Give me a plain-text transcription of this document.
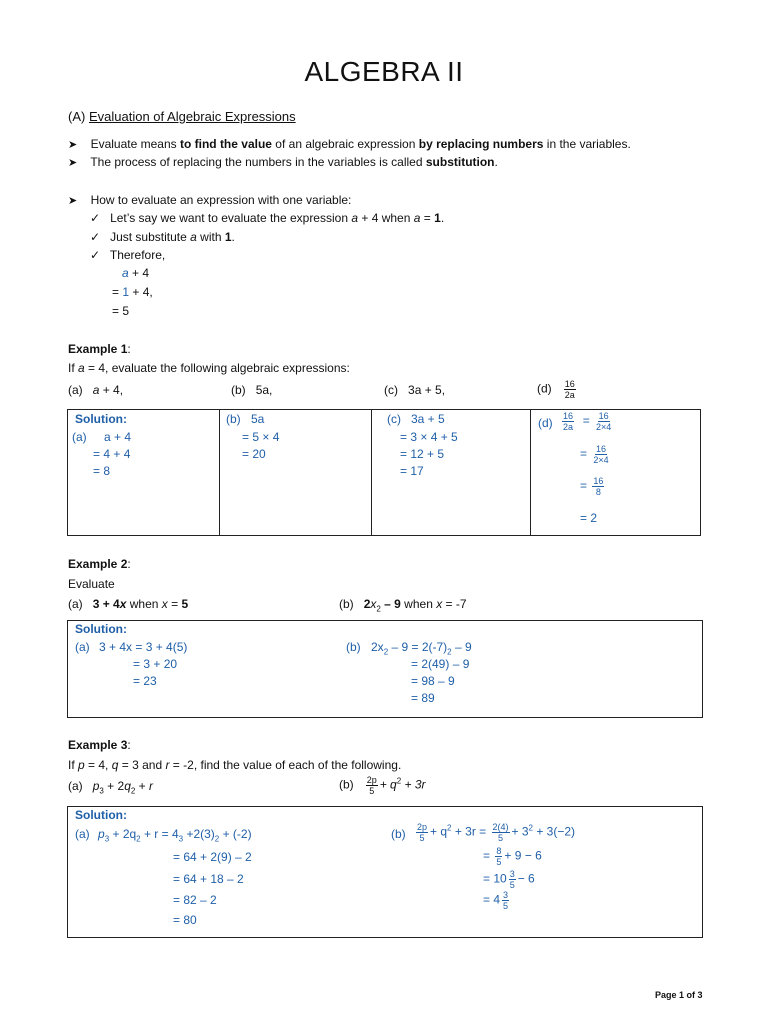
ALGEBRA II
(A) Evaluation of Algebraic Expressions
➤ Evaluate means to find the value of an algebraic expression by replacing numbers in the variables.
➤ The process of replacing the numbers in the variables is called substitution.
➤ How to evaluate an expression with one variable:
✓ Let’s say we want to evaluate the expression a + 4 when a = 1.
✓ Just substitute a with 1.
✓ Therefore,
a + 4
= 1 + 4,
= 5
Example 1:
If a = 4, evaluate the following algebraic expressions:
(a) a + 4,	(b) 5a,	(c) 3a + 5,	$(d) \frac{16}{2a}$
Solution:
(a) a + 4
= 4 + 4
= 8
(b) 5a
= 5 × 4
= 20
(c) 3a + 5
= 3 × 4 + 5
= 12 + 5
= 17
$(d) \frac{16}{2a} = \frac{16}{2\times 4}$
= $\frac{16}{2\times 4}$
= $\frac{16}{8}$
= 2
Example 2:
Evaluate
(a) 3 + 4x when x = 5	(b) $2x_2 - 9$ when x = -7
Solution:
(a) 3 + 4x = 3 + 4(5)
= 3 + 20
= 23
(b) $2x_2 - 9 = 2(-7)_2 - 9$
= 2(49) – 9
= 98 – 9
= 89
Example 3:
If p = 4, q = 3 and r = -2, find the value of each of the following.
(a) $p_3 + 2q_2 + r$	$(b) \frac{2p}{5} + q^2 + 3r$
Solution:
(a) $p_3 + 2q_2 + r = 4_3 +2(3)_2 + (-2)$
= 64 + 2(9) – 2
= 64 + 18 – 2
= 82 – 2
= 80
$(b) \frac{2p}{5} + q^2 + 3r = \frac{2(4)}{5} + 3^2 + 3(-2)$
= $\frac{8}{5} + 9 - 6$
= $10 \frac{3}{5} - 6$
= $4 \frac{3}{5}$
Page 1 of 3
